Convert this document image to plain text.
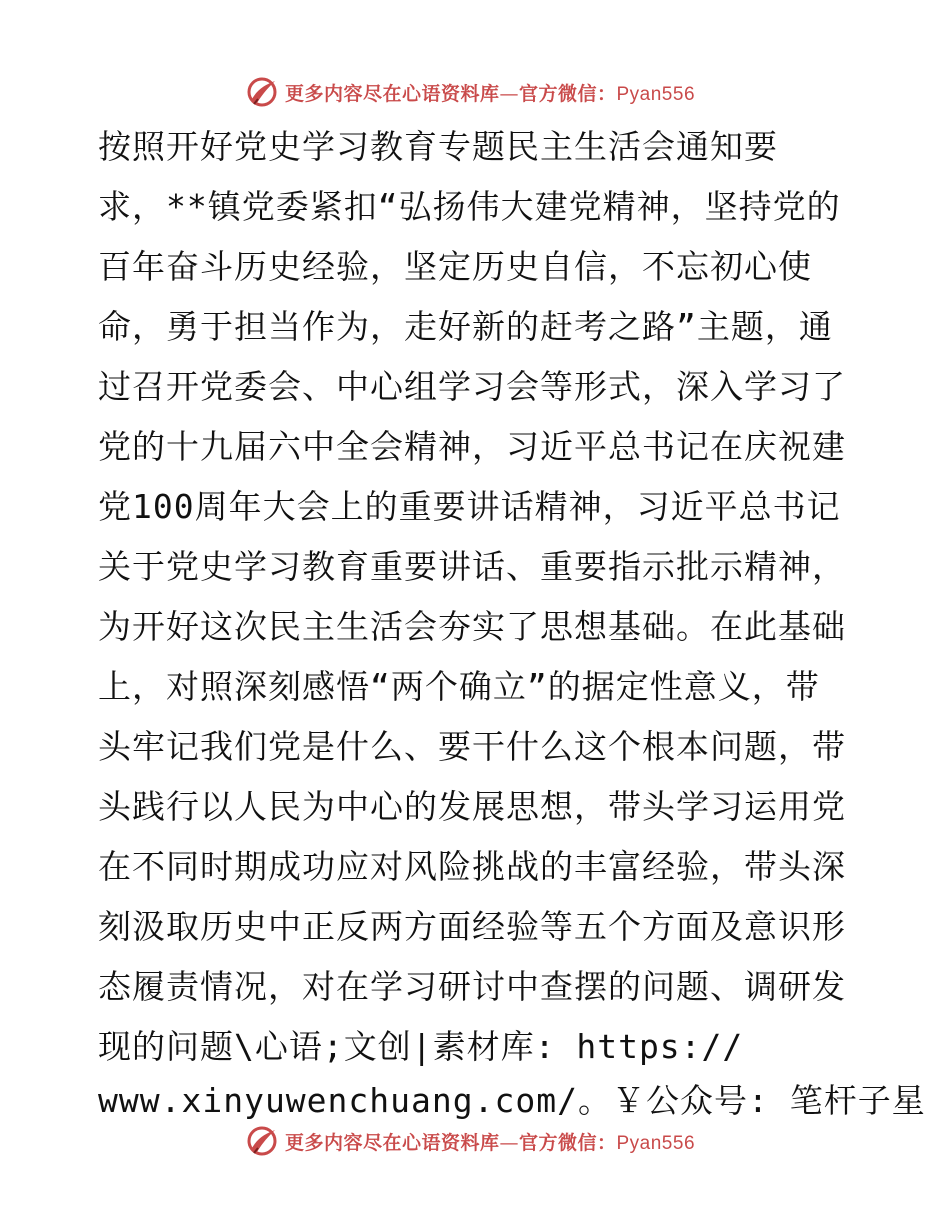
更多内容尽在心语资料库—官方微信：Pyan556
按照开好党史学习教育专题民主生活会通知要
求，**镇党委紧扣“弘扬伟大建党精神，坚持党的
百年奋斗历史经验，坚定历史自信，不忘初心使
命，勇于担当作为，走好新的赶考之路”主题，通
过召开党委会、中心组学习会等形式，深入学习了
党的十九届六中全会精神，习近平总书记在庆祝建
党100周年大会上的重要讲话精神，习近平总书记
关于党史学习教育重要讲话、重要指示批示精神，
为开好这次民主生活会夯实了思想基础。在此基础
上，对照深刻感悟“两个确立”的据定性意义，带
头牢记我们党是什么、要干什么这个根本问题，带
头践行以人民为中心的发展思想，带头学习运用党
在不同时期成功应对风险挑战的丰富经验，带头深
刻汲取历史中正反两方面经验等五个方面及意识形
态履责情况，对在学习研讨中查摆的问题、调研发
现的问题\心语;文创|素材库: https://
www.xinyuwenchuang.com/。￥公众号: 笔杆子星
更多内容尽在心语资料库—官方微信：Pyan556
